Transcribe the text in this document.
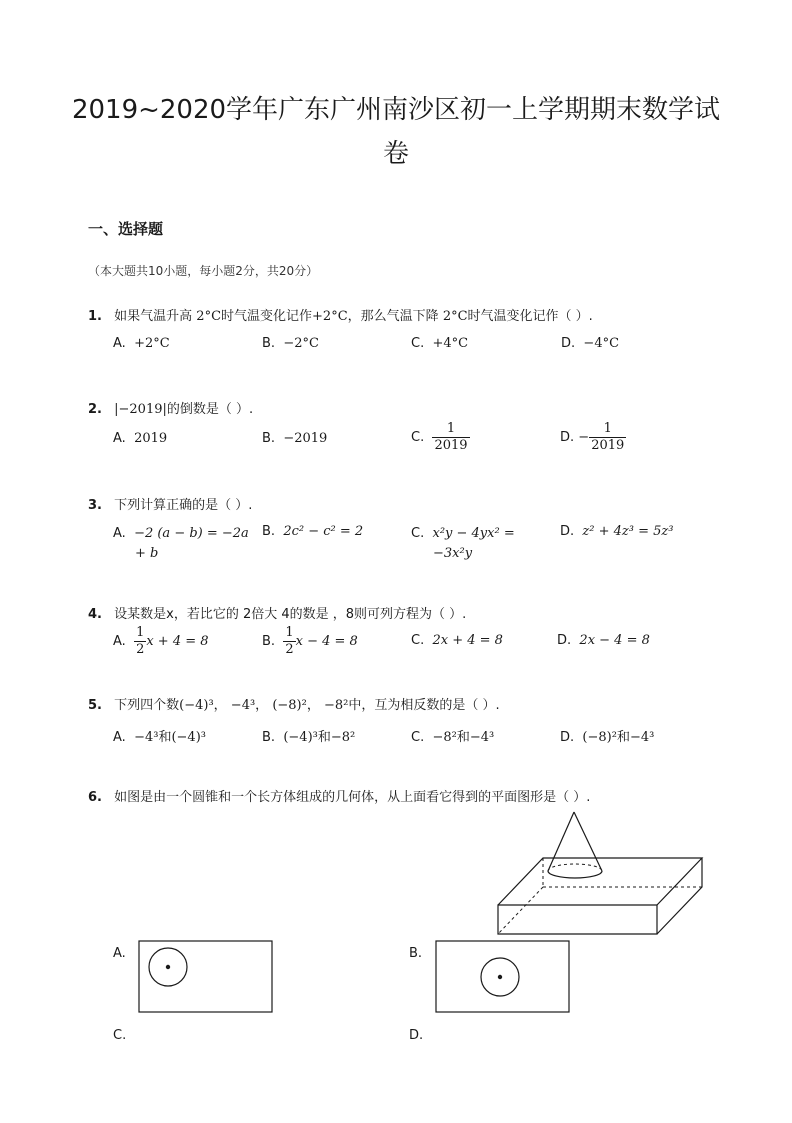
2019~2020学年广东广州南沙区初一上学期期末数学试
卷
一、选择题
（本大题共10小题，每小题2分，共20分）
1. 如果气温升高 2°C时气温变化记作+2°C，那么气温下降 2°C时气温变化记作（ ）.
A. +2°C	B. −2°C	C. +4°C	D. −4°C
2. |−2019|的倒数是（ ）.
A. 2019	B. −2019	C. $\frac{1}{2019}$	D. − $\frac{1}{2019}$
3. 下列计算正确的是（ ）.
A. −2 (a − b) = −2a
+ b
B. 2c² − c² = 2	C. x²y − 4yx² =
−3x²y
D. z² + 4z³ = 5z³
4. 设某数是x，若比它的 2倍大 4的数是 ，8则可列方程为（ ）.
A. $\frac{1}{2}$ x + 4 = 8	B. $\frac{1}{2}$ x − 4 = 8	C. 2x + 4 = 8	D. 2x − 4 = 8
5. 下列四个数(−4)³， −4³， (−8)²， −8²中，互为相反数的是（ ）.
A. −4³和(−4)³	B. (−4)³和−8²	C. −8²和−4³	D. (−8)²和−4³
6. 如图是由一个圆锥和一个长方体组成的几何体，从上面看它得到的平面图形是（ ）.
A.	B.
C.	D.
